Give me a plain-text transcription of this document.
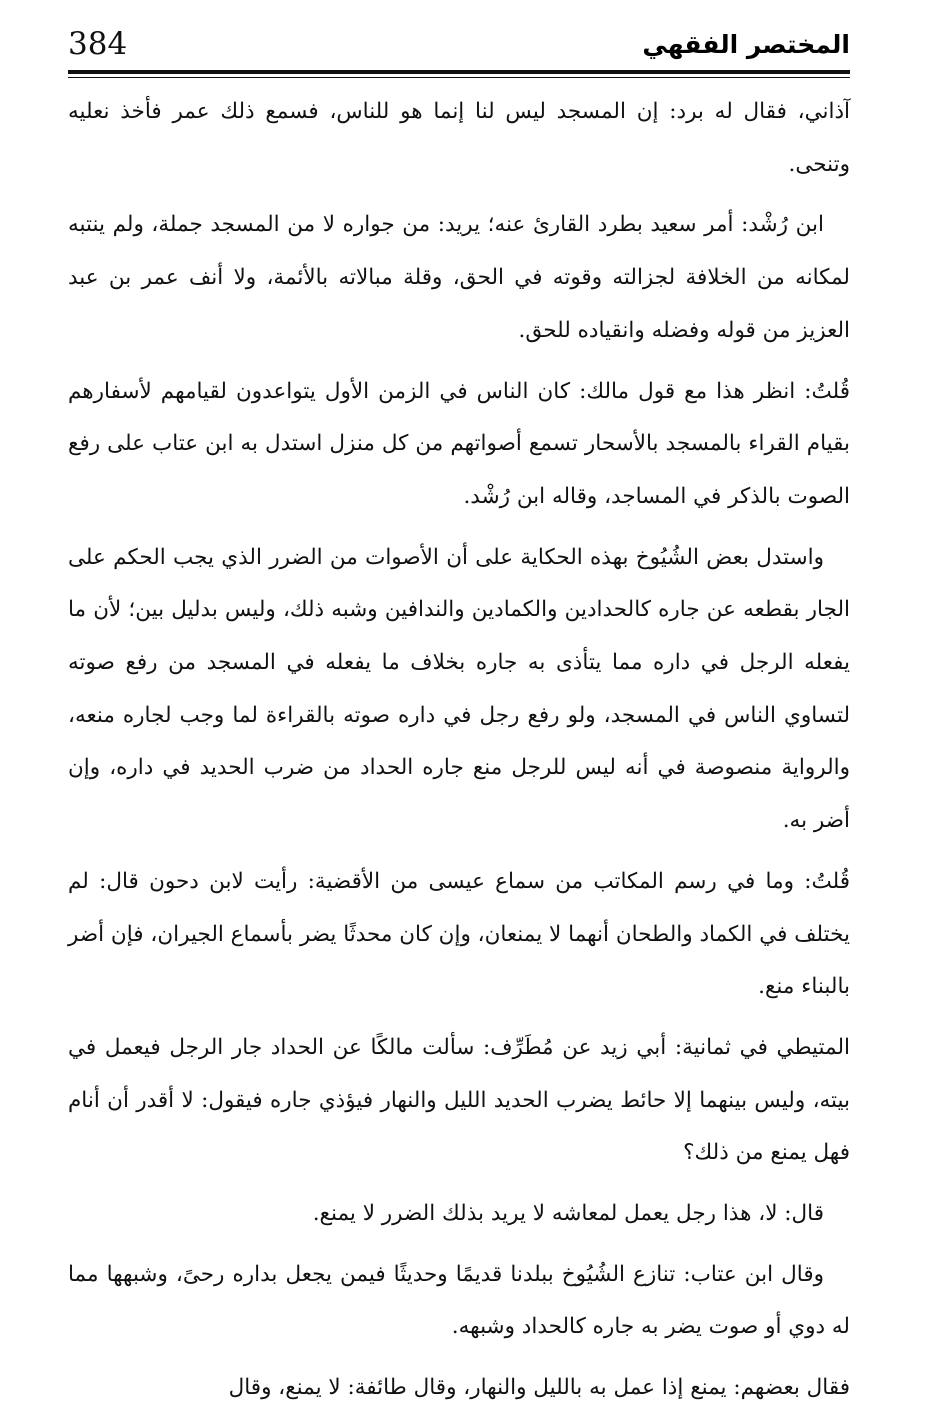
384	المختصر الفقهي

آذاني، فقال له برد: إن المسجد ليس لنا إنما هو للناس، فسمع ذلك عمر فأخذ نعليه وتنحى.

ابن رُشْد: أمر سعيد بطرد القارئ عنه؛ يريد: من جواره لا من المسجد جملة، ولم ينتبه لمكانه من الخلافة لجزالته وقوته في الحق، وقلة مبالاته بالأئمة، ولا أنف عمر بن عبد العزيز من قوله وفضله وانقياده للحق.

قُلتُ: انظر هذا مع قول مالك: كان الناس في الزمن الأول يتواعدون لقيامهم لأسفارهم بقيام القراء بالمسجد بالأسحار تسمع أصواتهم من كل منزل استدل به ابن عتاب على رفع الصوت بالذكر في المساجد، وقاله ابن رُشْد.

واستدل بعض الشُيُوخ بهذه الحكاية على أن الأصوات من الضرر الذي يجب الحكم على الجار بقطعه عن جاره كالحدادين والكمادين والندافين وشبه ذلك، وليس بدليل بين؛ لأن ما يفعله الرجل في داره مما يتأذى به جاره بخلاف ما يفعله في المسجد من رفع صوته لتساوي الناس في المسجد، ولو رفع رجل في داره صوته بالقراءة لما وجب لجاره منعه، والرواية منصوصة في أنه ليس للرجل منع جاره الحداد من ضرب الحديد في داره، وإن أضر به.

قُلتُ: وما في رسم المكاتب من سماع عيسى من الأقضية: رأيت لابن دحون قال: لم يختلف في الكماد والطحان أنهما لا يمنعان، وإن كان محدثًا يضر بأسماع الجيران، فإن أضر بالبناء منع.

المتيطي في ثمانية: أبي زيد عن مُطَرِّف: سألت مالكًا عن الحداد جار الرجل فيعمل في بيته، وليس بينهما إلا حائط يضرب الحديد الليل والنهار فيؤذي جاره فيقول: لا أقدر أن أنام فهل يمنع من ذلك؟

قال: لا، هذا رجل يعمل لمعاشه لا يريد بذلك الضرر لا يمنع.

وقال ابن عتاب: تنازع الشُيُوخ ببلدنا قديمًا وحديثًا فيمن يجعل بداره رحىً، وشبهها مما له دوي أو صوت يضر به جاره كالحداد وشبهه.

فقال بعضهم: يمنع إذا عمل به بالليل والنهار، وقال طائفة: لا يمنع، وقال
